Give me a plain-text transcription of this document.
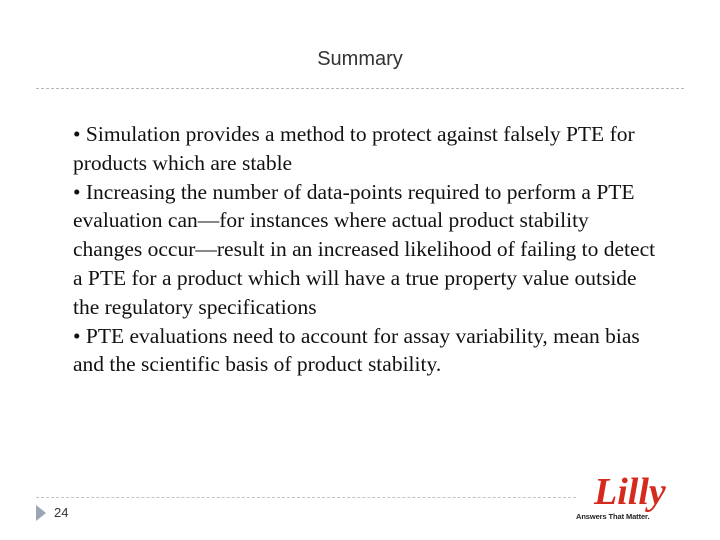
Summary

• Simulation provides a method to protect against falsely PTE for products which are stable

• Increasing the number of data-points required to perform a PTE evaluation can—for instances where actual product stability changes occur—result in an increased likelihood of failing to detect a PTE for a product which will have a true property value outside the regulatory specifications

• PTE evaluations need to account for assay variability, mean bias and the scientific basis of product stability.

24	Lilly
Answers That Matter.
